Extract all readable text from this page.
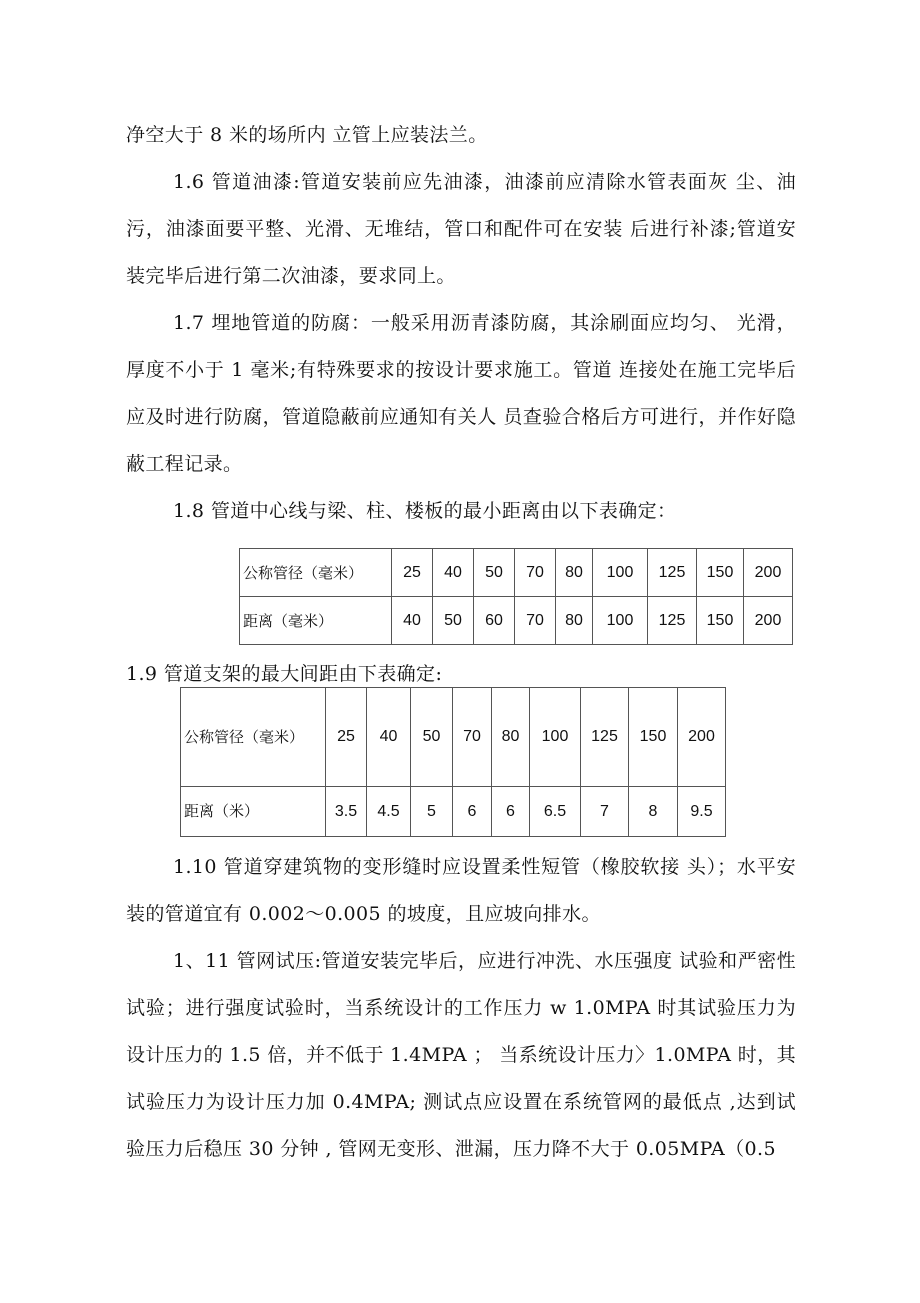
净空大于 8 米的场所内 立管上应装法兰。

1.6 管道油漆:管道安装前应先油漆，油漆前应清除水管表面灰 尘、油污，油漆面要平整、光滑、无堆结，管口和配件可在安装 后进行补漆;管道安装完毕后进行第二次油漆，要求同上。

1.7 埋地管道的防腐：一般采用沥青漆防腐，其涂刷面应均匀、 光滑，厚度不小于 1 毫米;有特殊要求的按设计要求施工。管道 连接处在施工完毕后应及时进行防腐，管道隐蔽前应通知有关人 员查验合格后方可进行，并作好隐蔽工程记录。

1.8 管道中心线与梁、柱、楼板的最小距离由以下表确定：

公称管径（毫米）	25	40	50	70	80	100	125	150	200
距离（毫米）	40	50	60	70	80	100	125	150	200
1.9 管道支架的最大间距由下表确定:
公称管径（毫米）	25	40	50	70	80	100	125	150	200
距离（米）	3.5	4.5	5	6	6	6.5	7	8	9.5

1.10 管道穿建筑物的变形缝时应设置柔性短管（橡胶软接 头）；水平安装的管道宜有 0.002～0.005 的坡度，且应坡向排水。

1、11 管网试压:管道安装完毕后，应进行冲洗、水压强度 试验和严密性试验；进行强度试验时，当系统设计的工作压力 w 1.0MPA 时其试验压力为设计压力的 1.5 倍，并不低于 1.4MPA ； 当系统设计压力〉1.0MPA 时，其试验压力为设计压力加 0.4MPA; 测试点应设置在系统管网的最低点 ,达到试验压力后稳压 30 分钟 , 管网无变形、泄漏，压力降不大于 0.05MPA（0.5
